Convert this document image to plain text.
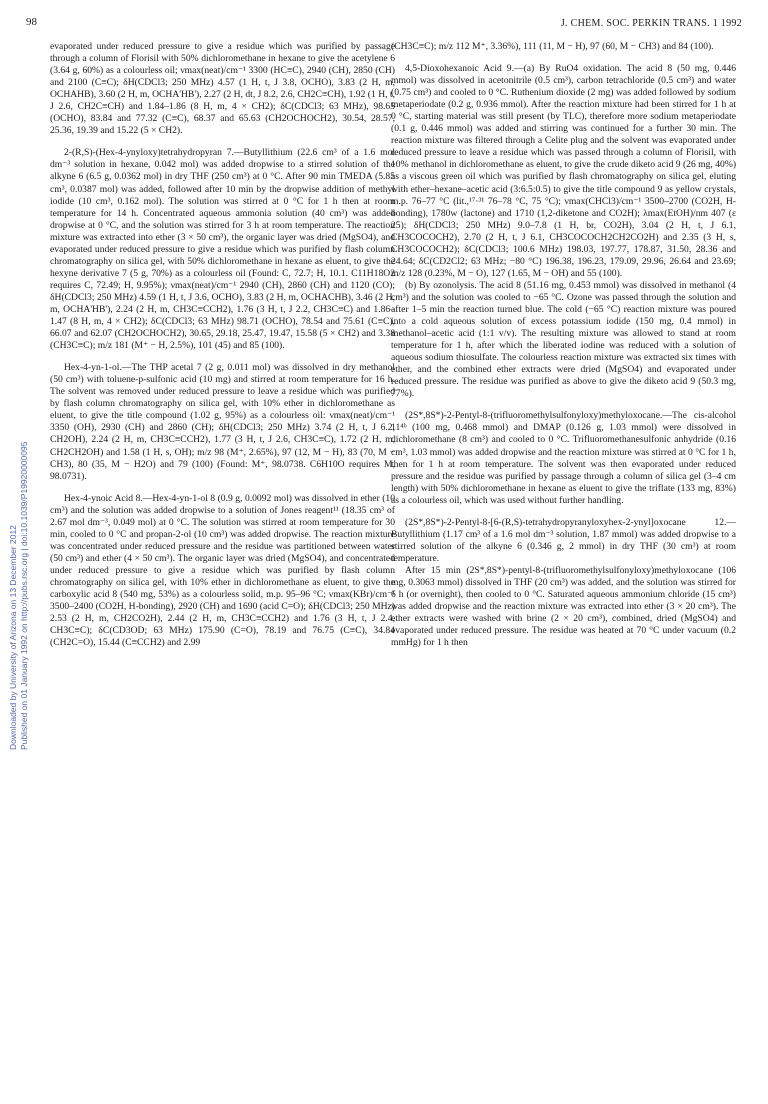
98	J. CHEM. SOC. PERKIN TRANS. 1 1992
Downloaded by University of Arizona on 13 December 2012 Published on 01 January 1992 on http://pubs.rsc.org | doi:10.1039/P19920000095

evaporated under reduced pressure to give a residue which was purified by passage through a column of Florisil with 50% dichloromethane in hexane to give the acetylene 6 (3.64 g, 60%) as a colourless oil; νmax(neat)/cm⁻¹ 3300 (HC≡C), 2940 (CH), 2850 (CH) and 2100 (C≡C); δH(CDCl3; 250 MHz) 4.57 (1 H, t, J 3.8, OCHO), 3.83 (2 H, m, OCHAHB), 3.60 (2 H, m, OCHA'HB'), 2.27 (2 H, dt, J 8.2, 2.6, CH2C≡CH), 1.92 (1 H, t, J 2.6, CH2C≡CH) and 1.84–1.86 (8 H, m, 4 × CH2); δC(CDCl3; 63 MHz), 98.65 (OCHO), 83.84 and 77.32 (C≡C), 68.37 and 65.63 (CH2OCHOCH2), 30.54, 28.57, 25.36, 19.39 and 15.22 (5 × CH2).

2-(R,S)-(Hex-4-ynyloxy)tetrahydropyran 7.—Butyllithium (22.6 cm³ of a 1.6 mol dm⁻³ solution in hexane, 0.042 mol) was added dropwise to a stirred solution of the alkyne 6 (6.5 g, 0.0362 mol) in dry THF (250 cm³) at 0 °C. After 90 min TMEDA (5.85 cm³, 0.0387 mol) was added, followed after 10 min by the dropwise addition of methyl iodide (10 cm³, 0.162 mol). The solution was stirred at 0 °C for 1 h then at room temperature for 14 h. Concentrated aqueous ammonia solution (40 cm³) was added dropwise at 0 °C, and the solution was stirred for 3 h at room temperature. The reaction mixture was extracted into ether (3 × 50 cm³), the organic layer was dried (MgSO4), and evaporated under reduced pressure to give a residue which was purified by flash column chromatography on silica gel, with 50% dichloromethane in hexane as eluent, to give the hexyne derivative 7 (5 g, 70%) as a colourless oil (Found: C, 72.7; H, 10.1. C11H18O2 requires C, 72.49; H, 9.95%); νmax(neat)/cm⁻¹ 2940 (CH), 2860 (CH) and 1120 (CO); δH(CDCl3; 250 MHz) 4.59 (1 H, t, J 3.6, OCHO), 3.83 (2 H, m, OCHACHB), 3.46 (2 H, m, OCHA'HB'), 2.24 (2 H, m, CH3C≡CCH2), 1.76 (3 H, t, J 2.2, CH3C≡C) and 1.86–1.47 (8 H, m, 4 × CH2); δC(CDCl3; 63 MHz) 98.71 (OCHO), 78.54 and 75.61 (C≡C), 66.07 and 62.07 (CH2OCHOCH2), 30.65, 29.18, 25.47, 19.47, 15.58 (5 × CH2) and 3.38 (CH3C≡C); m/z 181 (M⁺ − H, 2.5%), 101 (45) and 85 (100).

Hex-4-yn-1-ol.—The THP acetal 7 (2 g, 0.011 mol) was dissolved in dry methanol (50 cm³) with toluene-p-sulfonic acid (10 mg) and stirred at room temperature for 16 h. The solvent was removed under reduced pressure to leave a residue which was purified by flash column chromatography on silica gel, with 10% ether in dichloromethane as eluent, to give the title compound (1.02 g, 95%) as a colourless oil: νmax(neat)/cm⁻¹ 3350 (OH), 2930 (CH) and 2860 (CH); δH(CDCl3; 250 MHz) 3.74 (2 H, t, J 6.2, CH2OH), 2.24 (2 H, m, CH3C≡CCH2), 1.77 (3 H, t, J 2.6, CH3C≡C), 1.72 (2 H, m, CH2CH2OH) and 1.58 (1 H, s, OH); m/z 98 (M⁺, 2.65%), 97 (12, M − H), 83 (70, M − CH3), 80 (35, M − H2O) and 79 (100) (Found: M⁺, 98.0738. C6H10O requires M, 98.0731).

Hex-4-ynoic Acid 8.—Hex-4-yn-1-ol 8 (0.9 g, 0.0092 mol) was dissolved in ether (10 cm³) and the solution was added dropwise to a solution of Jones reagent¹¹ (18.35 cm³ of 2.67 mol dm⁻³, 0.049 mol) at 0 °C. The solution was stirred at room temperature for 30 min, cooled to 0 °C and propan-2-ol (10 cm³) was added dropwise. The reaction mixture was concentrated under reduced pressure and the residue was partitioned between water (50 cm³) and ether (4 × 50 cm³). The organic layer was dried (MgSO4), and concentrated under reduced pressure to give a residue which was purified by flash column chromatography on silica gel, with 10% ether in dichloromethane as eluent, to give the carboxylic acid 8 (540 mg, 53%) as a colourless solid, m.p. 95–96 °C; νmax(KBr)/cm⁻¹ 3500–2400 (CO2H, H-bonding), 2920 (CH) and 1690 (acid C=O); δH(CDCl3; 250 MHz) 2.53 (2 H, m, CH2CO2H), 2.44 (2 H, m, CH3C≡CCH2) and 1.76 (3 H, t, J 2.4, CH3C≡C); δC(CD3OD; 63 MHz) 175.90 (C=O), 78.19 and 76.75 (C≡C), 34.84 (CH2C=O), 15.44 (C≡CCH2) and 2.99

(CH3C≡C); m/z 112 M⁺, 3.36%), 111 (11, M − H), 97 (60, M − CH3) and 84 (100).

4,5-Dioxohexanoic Acid 9.—(a) By RuO4 oxidation. The acid 8 (50 mg, 0.446 mmol) was dissolved in acetonitrile (0.5 cm³), carbon tetrachloride (0.5 cm³) and water (0.75 cm³) and cooled to 0 °C. Ruthenium dioxide (2 mg) was added followed by sodium metaperiodate (0.2 g, 0.936 mmol). After the reaction mixture had been stirred for 1 h at 0 °C, starting material was still present (by TLC), therefore more sodium metaperiodate (0.1 g, 0.446 mmol) was added and stirring was continued for a further 30 min. The reaction mixture was filtered through a Celite plug and the solvent was evaporated under reduced pressure to leave a residue which was passed through a column of Florisil, with 10% methanol in dichloromethane as eluent, to give the crude diketo acid 9 (26 mg, 40%) as a viscous green oil which was purified by flash chromatography on silica gel, eluting with ether–hexane–acetic acid (3:6.5:0.5) to give the title compound 9 as yellow crystals, m.p. 76–77 °C (lit.,¹⁷·³¹ 76–78 °C, 75 °C); νmax(CHCl3)/cm⁻¹ 3500–2700 (CO2H, H-bonding), 1780w (lactone) and 1710 (1,2-diketone and CO2H); λmax(EtOH)/nm 407 (ε 25); δH(CDCl3; 250 MHz) 9.0–7.8 (1 H, br, CO2H), 3.04 (2 H, t, J 6.1, CH3COCOCH2), 2.70 (2 H, t, J 6.1, CH3COCOCH2CH2CO2H) and 2.35 (3 H, s, CH3COCOCH2); δC(CDCl3; 100.6 MHz) 198.03, 197.77, 178.87, 31.50, 28.36 and 24.64; δC(CD2Cl2; 63 MHz; −80 °C) 196.38, 196.23, 179.09, 29.96, 26.64 and 23.69; m/z 128 (0.23%, M − O), 127 (1.65, M − OH) and 55 (100).

(b) By ozonolysis. The acid 8 (51.16 mg, 0.453 mmol) was dissolved in methanol (4 cm³) and the solution was cooled to −65 °C. Ozone was passed through the solution and after 1–5 min the reaction turned blue. The cold (−65 °C) reaction mixture was poured into a cold aqueous solution of excess potassium iodide (150 mg, 0.4 mmol) in methanol–acetic acid (1:1 v/v). The resulting mixture was allowed to stand at room temperature for 1 h, after which the liberated iodine was reduced with a solution of aqueous sodium thiosulfate. The colourless reaction mixture was extracted six times with ether, and the combined ether extracts were dried (MgSO4) and evaporated under reduced pressure. The residue was purified as above to give the diketo acid 9 (50.3 mg, 77%).

(2S*,8S*)-2-Pentyl-8-(trifluoromethylsulfonyloxy)methyloxocane.—The cis-alcohol 11⁴ᵇ (100 mg, 0.468 mmol) and DMAP (0.126 g, 1.03 mmol) were dissolved in dichloromethane (8 cm³) and cooled to 0 °C. Trifluoromethanesulfonic anhydride (0.16 cm³, 1.03 mmol) was added dropwise and the reaction mixture was stirred at 0 °C for 1 h, then for 1 h at room temperature. The solvent was then evaporated under reduced pressure and the residue was purified by passage through a column of silica gel (3–4 cm length) with 50% dichloromethane in hexane as eluent to give the triflate (133 mg, 83%) as a colourless oil, which was used without further handling.

(2S*,8S*)-2-Pentyl-8-[6-(R,S)-tetrahydropyranyloxyhex-2-ynyl]oxocane 12.—Butyllithium (1.17 cm³ of a 1.6 mol dm⁻³ solution, 1.87 mmol) was added dropwise to a stirred solution of the alkyne 6 (0.346 g, 2 mmol) in dry THF (30 cm³) at room temperature.

After 15 min (2S*,8S*)-pentyl-8-(trifluoromethylsulfonyloxy)methyloxocane (106 mg, 0.3063 mmol) dissolved in THF (20 cm³) was added, and the solution was stirred for 6 h (or overnight), then cooled to 0 °C. Saturated aqueous ammonium chloride (15 cm³) was added dropwise and the reaction mixture was extracted into ether (3 × 20 cm³). The ether extracts were washed with brine (2 × 20 cm³), combined, dried (MgSO4) and evaporated under reduced pressure. The residue was heated at 70 °C under vacuum (0.2 mmHg) for 1 h then
